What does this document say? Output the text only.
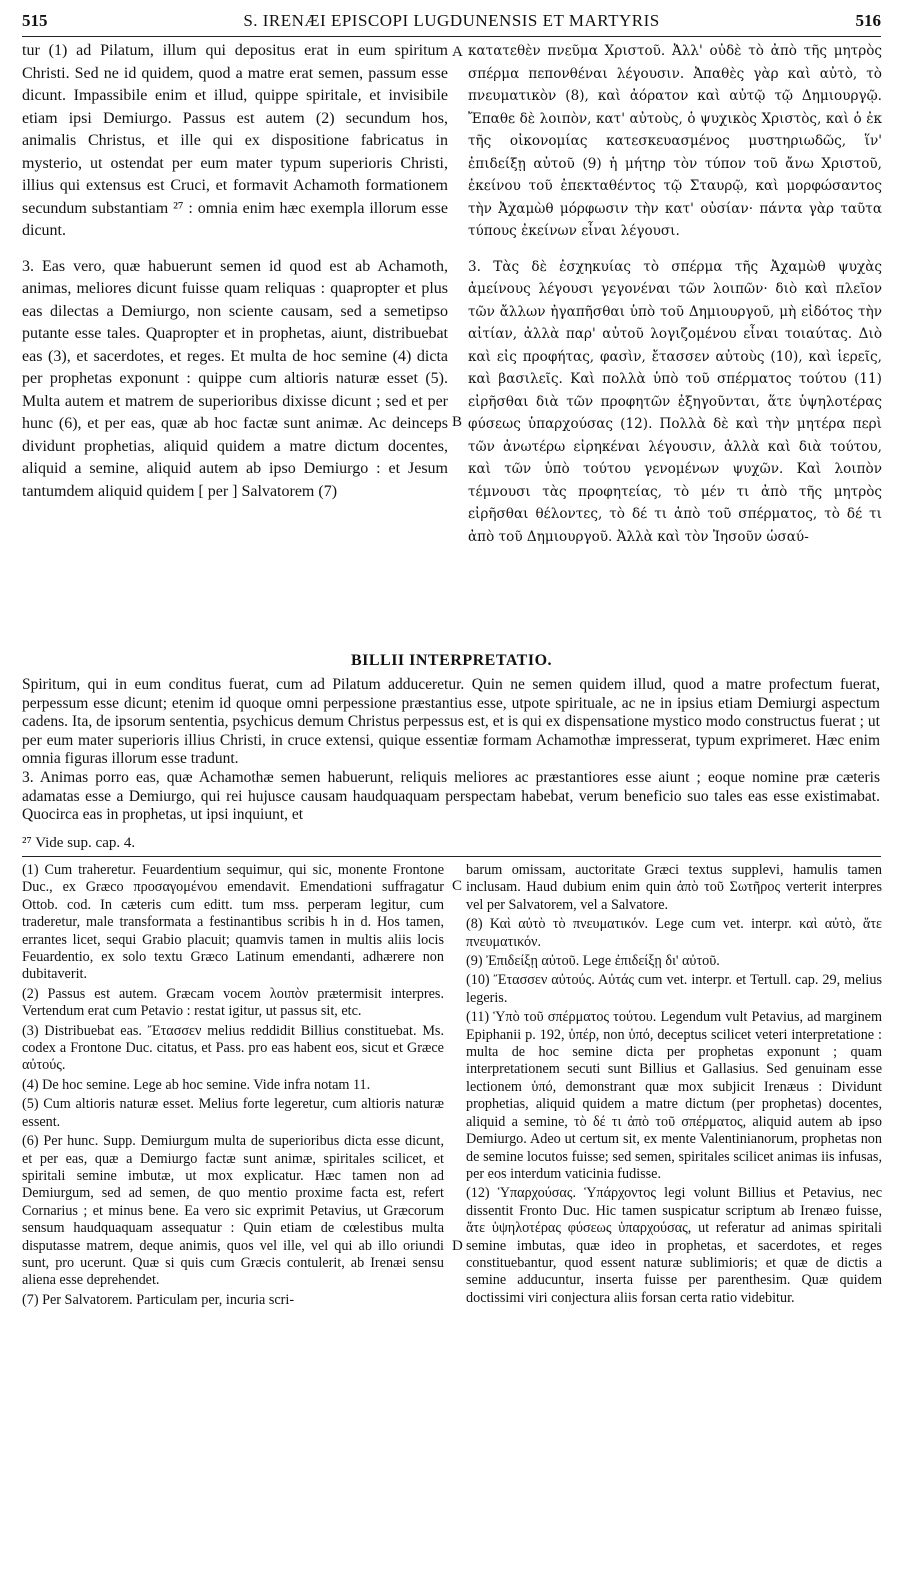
515	S. IRENÆI EPISCOPI LUGDUNENSIS ET MARTYRIS	516

tur (1) ad Pilatum, illum qui depositus erat in eum spiritum Christi. Sed ne id quidem, quod a matre erat semen, passum esse dicunt. Impassibile enim et illud, quippe spiritale, et invisibile etiam ipsi Demiurgo. Passus est autem (2) secundum hos, animalis Christus, et ille qui ex dispositione fabricatus in mysterio, ut ostendat per eum mater typum superioris Christi, illius qui extensus est Cruci, et formavit Achamoth formationem secundum substantiam ²⁷ : omnia enim hæc exempla illorum esse dicunt.

3. Eas vero, quæ habuerunt semen id quod est ab Achamoth, animas, meliores dicunt fuisse quam reliquas : quapropter et plus eas dilectas a Demiurgo, non sciente causam, sed a semetipso putante esse tales. Quapropter et in prophetas, aiunt, distribuebat eas (3), et sacerdotes, et reges. Et multa de hoc semine (4) dicta per prophetas exponunt : quippe cum altioris naturæ esset (5). Multa autem et matrem de superioribus dixisse dicunt ; sed et per hunc (6), et per eas, quæ ab hoc factæ sunt animæ. Ac deinceps dividunt prophetias, aliquid quidem a matre dictum docentes, aliquid a semine, aliquid autem ab ipso Demiurgo : et Jesum tantumdem aliquid quidem [ per ] Salvatorem (7)

κατατεθὲν πνεῦμα Χριστοῦ. Ἀλλ' οὐδὲ τὸ ἀπὸ τῆς μητρὸς σπέρμα πεπονθέναι λέγουσιν. Ἀπαθὲς γὰρ καὶ αὐτὸ, τὸ πνευματικὸν (8), καὶ ἀόρατον καὶ αὐτῷ τῷ Δημιουργῷ. Ἔπαθε δὲ λοιπὸν, κατ' αὐτοὺς, ὁ ψυχικὸς Χριστὸς, καὶ ὁ ἐκ τῆς οἰκονομίας κατεσκευασμένος μυστηριωδῶς, ἵν' ἐπιδείξῃ αὐτοῦ (9) ἡ μήτηρ τὸν τύπον τοῦ ἄνω Χριστοῦ, ἐκείνου τοῦ ἐπεκταθέντος τῷ Σταυρῷ, καὶ μορφώσαντος τὴν Ἀχαμὼθ μόρφωσιν τὴν κατ' οὐσίαν· πάντα γὰρ ταῦτα τύπους ἐκείνων εἶναι λέγουσι.

3. Τὰς δὲ ἐσχηκυίας τὸ σπέρμα τῆς Ἀχαμὼθ ψυχὰς ἀμείνους λέγουσι γεγονέναι τῶν λοιπῶν· διὸ καὶ πλεῖον τῶν ἄλλων ἠγαπῆσθαι ὑπὸ τοῦ Δημιουργοῦ, μὴ εἰδότος τὴν αἰτίαν, ἀλλὰ παρ' αὐτοῦ λογιζομένου εἶναι τοιαύτας. Διὸ καὶ εἰς προφήτας, φασὶν, ἔτασσεν αὐτοὺς (10), καὶ ἱερεῖς, καὶ βασιλεῖς. Καὶ πολλὰ ὑπὸ τοῦ σπέρματος τούτου (11) εἰρῆσθαι διὰ τῶν προφητῶν ἐξηγοῦνται, ἅτε ὑψηλοτέρας φύσεως ὑπαρχούσας (12). Πολλὰ δὲ καὶ τὴν μητέρα περὶ τῶν ἀνωτέρω εἰρηκέναι λέγουσιν, ἀλλὰ καὶ διὰ τούτου, καὶ τῶν ὑπὸ τούτου γενομένων ψυχῶν. Καὶ λοιπὸν τέμνουσι τὰς προφητείας, τὸ μέν τι ἀπὸ τῆς μητρὸς εἰρῆσθαι θέλοντες, τὸ δέ τι ἀπὸ τοῦ σπέρματος, τὸ δέ τι ἀπὸ τοῦ Δημιουργοῦ. Ἀλλὰ καὶ τὸν Ἰησοῦν ὡσαύ-

A
B
C
D
BILLII INTERPRETATIO.

Spiritum, qui in eum conditus fuerat, cum ad Pilatum adduceretur. Quin ne semen quidem illud, quod a matre profectum fuerat, perpessum esse dicunt; etenim id quoque omni perpessione præstantius esse, utpote spirituale, ac ne in ipsius etiam Demiurgi aspectum cadens. Ita, de ipsorum sententia, psychicus demum Christus perpessus est, et is qui ex dispensatione mystico modo constructus fuerat ; ut per eum mater superioris illius Christi, in cruce extensi, quique essentiæ formam Achamothæ impresserat, typum exprimeret. Hæc enim omnia figuras illorum esse tradunt.

3. Animas porro eas, quæ Achamothæ semen habuerunt, reliquis meliores ac præstantiores esse aiunt ; eoque nomine præ cæteris adamatas esse a Demiurgo, qui rei hujusce causam haudquaquam perspectam habebat, verum beneficio suo tales eas esse existimabat. Quocirca eas in prophetas, ut ipsi inquiunt, et

²⁷ Vide sup. cap. 4.

(1) Cum traheretur. Feuardentium sequimur, qui sic, monente Frontone Duc., ex Græco προσαγομένου emendavit. Emendationi suffragatur Ottob. cod. In cæteris cum editt. tum mss. perperam legitur, cum traderetur, male transformata a festinantibus scribis h in d. Hos tamen, errantes licet, sequi Grabio placuit; quamvis tamen in multis aliis locis Feuardentio, ex solo textu Græco Latinum emendanti, adhærere non dubitaverit.

(2) Passus est autem. Græcam vocem λοιπὸν prætermisit interpres. Vertendum erat cum Petavio : restat igitur, ut passus sit, etc.

(3) Distribuebat eas. Ἔτασσεν melius reddidit Billius constituebat. Ms. codex a Frontone Duc. citatus, et Pass. pro eas habent eos, sicut et Græce αὐτούς.

(4) De hoc semine. Lege ab hoc semine. Vide infra notam 11.

(5) Cum altioris naturæ esset. Melius forte legeretur, cum altioris naturæ essent.

(6) Per hunc. Supp. Demiurgum multa de superioribus dicta esse dicunt, et per eas, quæ a Demiurgo factæ sunt animæ, spiritales scilicet, et spiritali semine imbutæ, ut mox explicatur. Hæc tamen non ad Demiurgum, sed ad semen, de quo mentio proxime facta est, refert Cornarius ; et minus bene. Ea vero sic exprimit Petavius, ut Græcorum sensum haudquaquam assequatur : Quin etiam de cœlestibus multa disputasse matrem, deque animis, quos vel ille, vel qui ab illo oriundi sunt, pro ucerunt. Quæ si quis cum Græcis contulerit, ab Irenæi sensu aliena esse deprehendet.

(7) Per Salvatorem. Particulam per, incuria scri-

barum omissam, auctoritate Græci textus supplevi, hamulis tamen inclusam. Haud dubium enim quin ἀπὸ τοῦ Σωτῆρος verterit interpres vel per Salvatorem, vel a Salvatore.

(8) Καὶ αὐτὸ τὸ πνευματικόν. Lege cum vet. interpr. καὶ αὐτὸ, ἅτε πνευματικόν.

(9) Ἐπιδείξῃ αὐτοῦ. Lege ἐπιδείξῃ δι' αὐτοῦ.

(10) Ἔτασσεν αὐτούς. Αὐτάς cum vet. interpr. et Tertull. cap. 29, melius legeris.

(11) Ὑπὸ τοῦ σπέρματος τούτου. Legendum vult Petavius, ad marginem Epiphanii p. 192, ὑπέρ, non ὑπό, deceptus scilicet veteri interpretatione : multa de hoc semine dicta per prophetas exponunt ; quam interpretationem secuti sunt Billius et Gallasius. Sed genuinam esse lectionem ὑπό, demonstrant quæ mox subjicit Irenæus : Dividunt prophetias, aliquid quidem a matre dictum (per prophetas) docentes, aliquid a semine, τὸ δέ τι ἀπὸ τοῦ σπέρματος, aliquid autem ab ipso Demiurgo. Adeo ut certum sit, ex mente Valentinianorum, prophetas non de semine locutos fuisse; sed semen, spiritales scilicet animas iis infusas, per eos interdum vaticinia fudisse.

(12) Ὑπαρχούσας. Ὑπάρχοντος legi volunt Billius et Petavius, nec dissentit Fronto Duc. Hic tamen suspicatur scriptum ab Irenæo fuisse, ἅτε ὑψηλοτέρας φύσεως ὑπαρχούσας, ut referatur ad animas spiritali semine imbutas, quæ ideo in prophetas, et sacerdotes, et reges constituebantur, quod essent naturæ sublimioris; et quæ de dictis a semine adducuntur, inserta fuisse per parenthesim. Quæ quidem doctissimi viri conjectura aliis forsan certa ratio videbitur.
